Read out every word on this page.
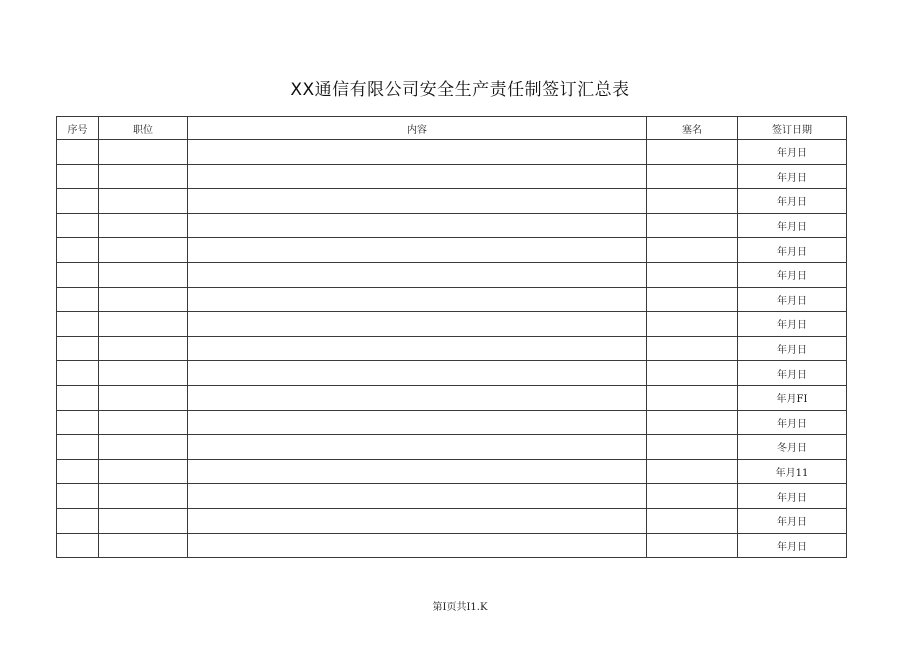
XX通信有限公司安全生产责任制签订汇总表
序号	职位	内容	塞名	签订日期
				年月日
				年月日
				年月日
				年月日
				年月日
				年月日
				年月日
				年月日
				年月日
				年月日
				年月FI
				年月日
				冬月日
				年月11
				年月日
				年月日
				年月日
第I页共I1.K
